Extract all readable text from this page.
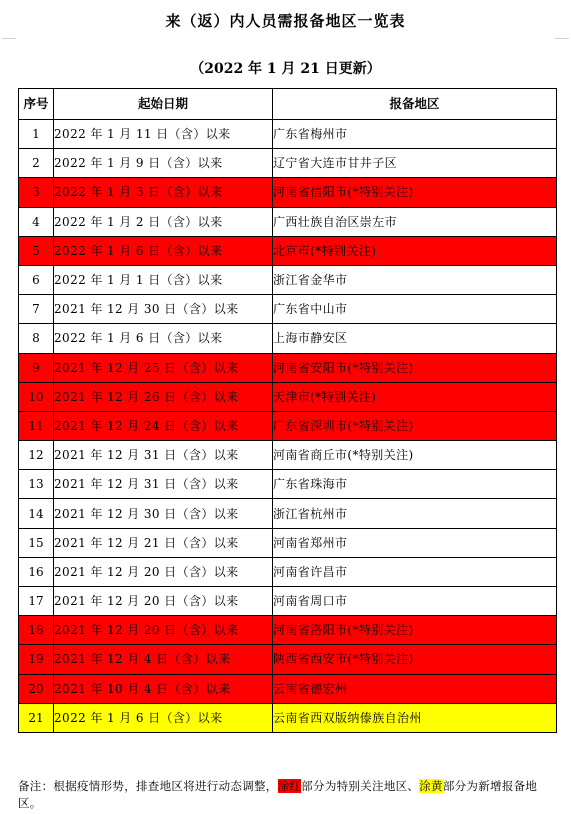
来（返）内人员需报备地区一览表
（2022 年 1 月 21 日更新）
序号	起始日期	报备地区
1	2022 年 1 月 11 日（含）以来	广东省梅州市
2	2022 年 1 月 9 日（含）以来	辽宁省大连市甘井子区
3	2022 年 1 月 3 日（含）以来	河南省信阳市(*特别关注)
4	2022 年 1 月 2 日（含）以来	广西壮族自治区崇左市
5	2022 年 1 月 6 日（含）以来	北京市(*特别关注)
6	2022 年 1 月 1 日（含）以来	浙江省金华市
7	2021 年 12 月 30 日（含）以来	广东省中山市
8	2022 年 1 月 6 日（含）以来	上海市静安区
9	2021 年 12 月 25 日（含）以来	河南省安阳市(*特别关注)
10	2021 年 12 月 26 日（含）以来	天津市(*特别关注)
11	2021 年 12 月 24 日（含）以来	广东省深圳市(*特别关注)
12	2021 年 12 月 31 日（含）以来	河南省商丘市(*特别关注)
13	2021 年 12 月 31 日（含）以来	广东省珠海市
14	2021 年 12 月 30 日（含）以来	浙江省杭州市
15	2021 年 12 月 21 日（含）以来	河南省郑州市
16	2021 年 12 月 20 日（含）以来	河南省许昌市
17	2021 年 12 月 20 日（含）以来	河南省周口市
18	2021 年 12 月 20 日（含）以来	河南省洛阳市(*特别关注)
19	2021 年 12 月 4 日（含）以来	陕西省西安市(*特别关注)
20	2021 年 10 月 4 日（含）以来	云南省德宏州
21	2022 年 1 月 6 日（含）以来	云南省西双版纳傣族自治州
备注：根据疫情形势，排查地区将进行动态调整，涂红部分为特别关注地区、涂黄部分为新增报备地区。
